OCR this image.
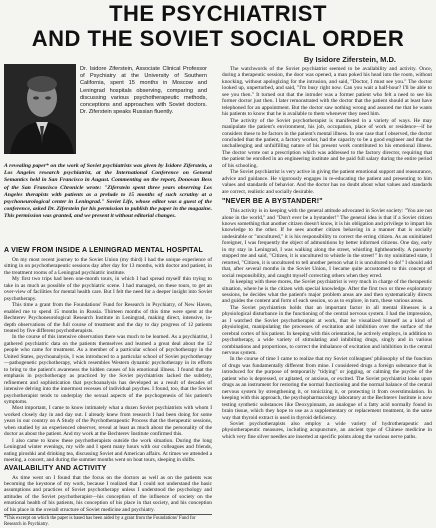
THE PSYCHIATRIST
AND THE SOVIET SOCIAL ORDER
By Isidore Ziferstein, M.D.
Dr. Isidore Ziferstein, Associate Clinical Professor of Psychiatry at the University of Southern California, spent 15 months in Moscow and Leningrad hospitals observing, comparing and discussing various psychotherapeutic methods, conceptions and approaches with Soviet doctors. Dr. Ziferstein speaks Russian fluently.
A revealing paper* on the work of Soviet psychiatrists was given by Isidore Ziferstein, a Los Angeles research psychiatrist, at the International Conference on General Semantics held in San Francisco in August. Commenting on the report, Donovan Bess of the San Francisco Chronicle wrote: "Ziferstein spent three years observing Los Angeles therapists with patients as a prelude to 15 months of such scrutiny at a psychoneurological center in Leningrad." Soviet Life, whose editor was a guest of the conference, asked Dr. Ziferstein for his permission to publish the paper in the magazine. This permission was granted, and we present it without editorial changes.
A VIEW FROM INSIDE A LENINGRAD MENTAL HOSPITAL

On my most recent journey to the Soviet Union (my third) I had the unique experience of sitting in on psychotherapeutic sessions day after day for 13 months, with doctor and patient, in the treatment rooms of a Leningrad psychiatric institute.

My first two trips had been one-month tours, in which I had spread myself thin trying to take in as much as possible of the psychiatric scene. I had managed, on these tours, to get an over-view of facilities for mental health care. But I felt the need for a deeper insight into Soviet psychotherapy.

This time a grant from the Foundations' Fund for Research in Psychiatry, of New Haven, enabled me to spend 15 months in Russia. Thirteen months of this time were spent at the Bechterev Psychoneurological Research Institute in Leningrad, making direct, intensive, in-depth observations of the full course of treatment and the day to day progress of 12 patients treated by five different psychotherapists.

In the course of this intensive observation there was much to be learned. As a psychiatrist, I gathered psychiatric data on the patients themselves and learned a great deal about the 12 people who came for treatment. As a member of a particular school of psychotherapy in the United States, psychoanalysis, I was introduced to a particular school of Soviet psychotherapy—pathogenetic psychotherapy, which resembles Western dynamic psychotherapy in its efforts to bring to the patient's awareness the hidden causes of his emotional illness. I found that the emphasis in psychotherapy as practiced by the Soviet psychiatrists lacked the subtlety, refinement and sophistication that psychoanalysis has developed as a result of decades of intensive delving into the innermost recesses of individual psyches. I found, too, that the Soviet psychotherapist tends to underplay the sexual aspects of the psychogenesis of his patient's symptoms.

Most important, I came to know intimately what a dozen Soviet psychiatrists with whom I worked closely day in and day out. I already knew from research I had been doing for some years in our country on A Study of the Psychotherapeutic Process that the therapeutic sessions, when studied by an experienced observer, reveal at least as much about the personality of the doctor as about the patient. And my work at the Bechterev Institute confirmed this.

I also came to know these psychotherapists outside the work situation. During the long Leningrad winter evenings, my wife and I spent many hours with our colleagues and friends, eating piroshki and drinking tea, discussing Soviet and American affairs. At times we attended a meeting, a concert, and during the summer months went on boat tours, sleeping in shifts.

AVAILABILITY AND ACTIVITY

As time went on I found that the focus on the doctors as well as on the patients was becoming the keystone of my work, because I realized that I could not understand the basic assumptions and practices of Soviet psychotherapy unless I understood the psychology and attitudes of the Soviet psychotherapist—his conception of the influence of society on the emotional health of his patients, his conception of his place in that society, and his conception of his place in the overall structure of Soviet medicine and psychiatry.

The watchwords of the Soviet psychiatrist seemed to be availability and activity. Once, during a therapeutic session, the door was opened, a man poked his head into the room, without knocking, without apologizing for the intrusion, and said, "Doctor, I must see you." The doctor looked up, unperturbed, and said, "I'm busy right now. Can you wait a half-hour? I'll be able to see you then." It turned out that the intruder was a former patient who felt a need to see his former doctor just then. I later remonstrated with the doctor that the patient should at least have telephoned for an appointment. But the doctor saw nothing wrong and assured me that he wants his patients to know that he is available to them whenever they need him.

The activity of the Soviet psychotherapist is manifested in a variety of ways. He may manipulate the patient's environment, his job, occupation, place of work or residence—if he considers these to be factors in the patient's mental illness. In one case that I observed, the doctor concluded that the patient, a factory worker, had the capacity to be a good engineer and that the unchallenging and unfulfilling nature of his present work contributed to his emotional illness. The doctor wrote out a prescription which was addressed to the factory director, requiring that the patient be enrolled in an engineering institute and be paid full salary during the entire period of his schooling.

The Soviet psychiatrist is very active in giving the patient emotional support and reassurance, advice and guidance. He vigorously engages in re-educating the patient and presenting to him values and standards of behavior. And the doctor has no doubt about what values and standards are correct, realistic and socially desirable.

"NEVER BE A BYSTANDER!"

This activity is in keeping with the general attitude advocated in Soviet society: "You are not alone in the world," and "Don't ever be a bystander!" The general idea is that if a Soviet citizen knows something that another citizen doesn't know, it is his obligation and privilege to impart his knowledge to the other. If he sees another citizen behaving in a manner that is socially undesirable or "uncultured," it is his responsibility to correct the erring citizen. As an uninitiated foreigner, I was frequently the object of admonitions by better informed citizens. One day, early in my stay in Leningrad, I was walking along the street, whistling lightheartedly. A passerby stopped me and said, "Citizen, it is uncultured to whistle in the street!" In my uninitiated state, I retorted, "Citizen, it is uncultured to tell another person what it is uncultured to do!" I should add that, after several months in the Soviet Union, I became quite accustomed to this concept of social responsibility, and caught myself correcting others when they erred.

In keeping with these mores, the Soviet psychiatrist is very much in charge of the therapeutic situation, where he is the citizen with special knowledge. After the first two or three exploratory sessions, he decides what the patient's major problem areas are and then systematically directs and guides the content and form of each session, so as to explore, in turn, these various areas.

The Soviet psychiatrists holds that an important factor in all mental illnesses is a physiological disturbance in the functioning of the central nervous system. I had the impression, as I watched the Soviet psychotherapist at work, that he visualized himself as a kind of physiologist, manipulating the processes of excitation and inhibition over the surface of the cerebral cortex of his patient. In keeping with this orientation, he actively employs, in addition to psychotherapy, a wide variety of stimulating and inhibiting drugs, singly and in various combinations and proportions, to correct the imbalance of excitation and inhibition in the central nervous system.

In the course of time I came to realize that my Soviet colleagues' philosophy of the function of drugs was fundamentally different from mine. I considered drugs a foreign substance that is introduced for the purpose of temporarily "tidying" or jogging, or calming the psyche of the patient who is depressed, or agitated, or anxious, or excited. The Soviet psychiatrist looks upon drugs as an instrument for restoring the normal functioning and the normal balance of the central nervous system by strengthening it, or tonicizing it, or protecting it from overstimulation. In keeping with this approach, the psychopharmacology laboratory at the Bechterev Institute is now testing synthetic substances like Deoxypinnam, an analogue of a fatty acid normally found in brain tissue, which they hope to use as a supplementary or replacement treatment, in the same way that thyroid extract is used in thyroid deficiency.

Soviet psychotherapists also employ a wide variety of hydrotherapeutic and physiotherapeutic measures, including acupuncture, an ancient type of Chinese medicine in which very fine silver needles are inserted at specific points along the various nerve paths.

*This excerpt on which the paper is based has been aided by a grant from the Foundations' Fund for Research in Psychiatry.
